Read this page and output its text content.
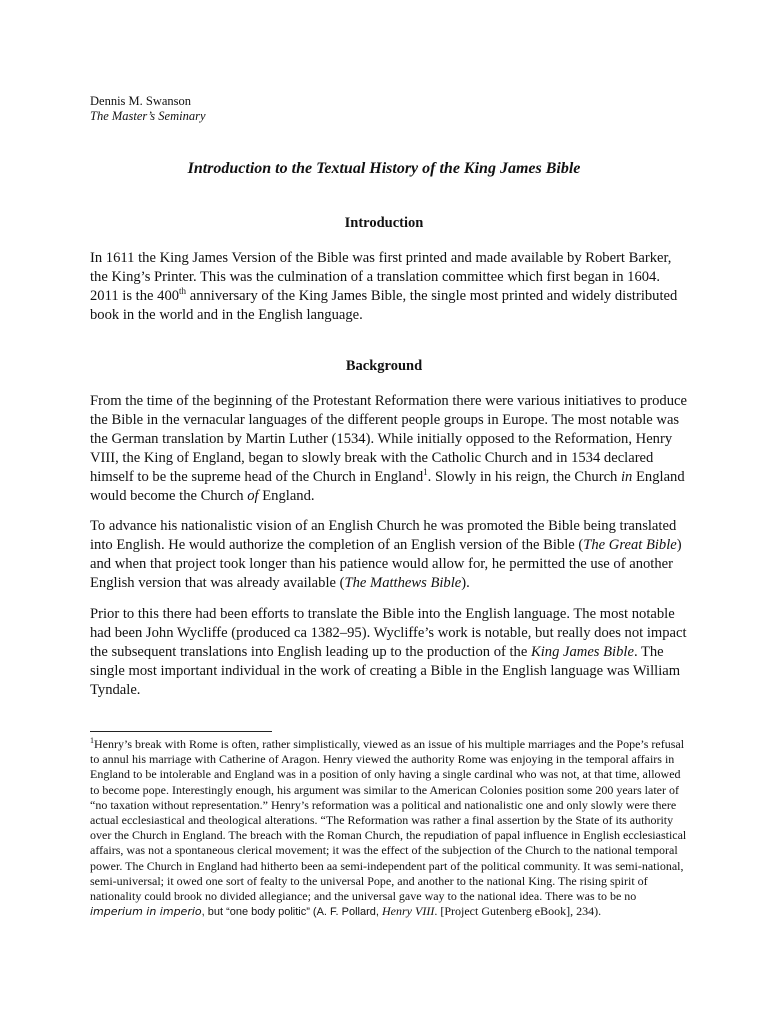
Dennis M. Swanson
The Master’s Seminary
Introduction to the Textual History of the King James Bible
Introduction

In 1611 the King James Version of the Bible was first printed and made available by Robert Barker, the King’s Printer. This was the culmination of a translation committee which first began in 1604. 2011 is the 400th anniversary of the King James Bible, the single most printed and widely distributed book in the world and in the English language.

Background

From the time of the beginning of the Protestant Reformation there were various initiatives to produce the Bible in the vernacular languages of the different people groups in Europe. The most notable was the German translation by Martin Luther (1534). While initially opposed to the Reformation, Henry VIII, the King of England, began to slowly break with the Catholic Church and in 1534 declared himself to be the supreme head of the Church in England$^1$. Slowly in his reign, the Church in England would become the Church of England.

To advance his nationalistic vision of an English Church he was promoted the Bible being translated into English. He would authorize the completion of an English version of the Bible (The Great Bible) and when that project took longer than his patience would allow for, he permitted the use of another English version that was already available (The Matthews Bible).

Prior to this there had been efforts to translate the Bible into the English language. The most notable had been John Wycliffe (produced ca 1382–95). Wycliffe’s work is notable, but really does not impact the subsequent translations into English leading up to the production of the King James Bible. The single most important individual in the work of creating a Bible in the English language was William Tyndale.

$^1$Henry’s break with Rome is often, rather simplistically, viewed as an issue of his multiple marriages and the Pope’s refusal to annul his marriage with Catherine of Aragon. Henry viewed the authority Rome was enjoying in the temporal affairs in England to be intolerable and England was in a position of only having a single cardinal who was not, at that time, allowed to become pope. Interestingly enough, his argument was similar to the American Colonies position some 200 years later of “no taxation without representation.” Henry’s reformation was a political and nationalistic one and only slowly were there actual ecclesiastical and theological alterations. “The Reformation was rather a final assertion by the State of its authority over the Church in England. The breach with the Roman Church, the repudiation of papal influence in English ecclesiastical affairs, was not a spontaneous clerical movement; it was the effect of the subjection of the Church to the national temporal power. The Church in England had hitherto been aa semi-independent part of the political community. It was semi-national, semi-universal; it owed one sort of fealty to the universal Pope, and another to the national King. The rising spirit of nationality could brook no divided allegiance; and the universal gave way to the national idea. There was to be no imperium in imperio, but “one body politic” (A. F. Pollard, Henry VIII. [Project Gutenberg eBook], 234).
